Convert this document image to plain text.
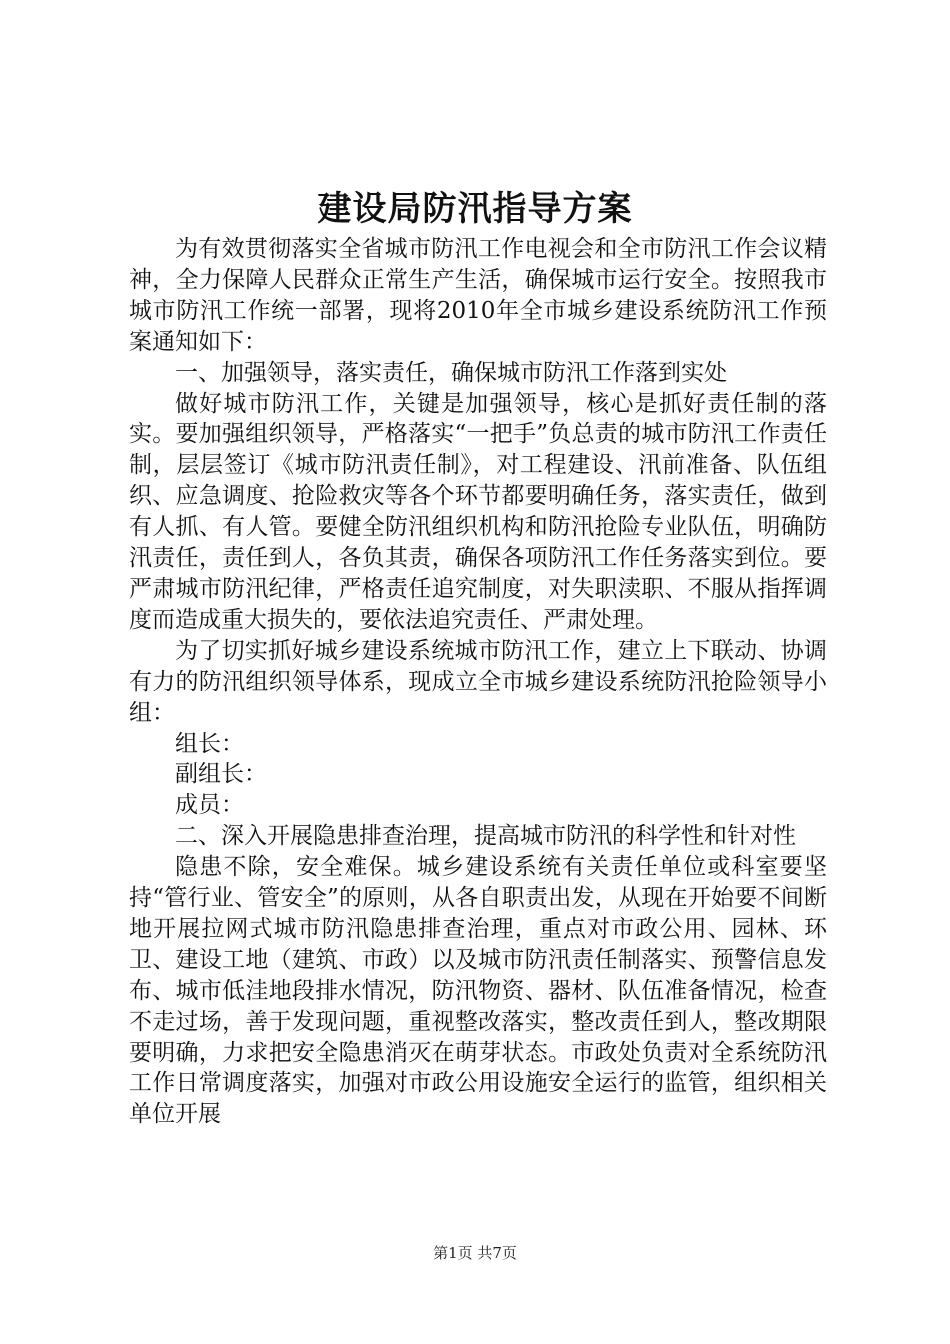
建设局防汛指导方案

为有效贯彻落实全省城市防汛工作电视会和全市防汛工作会议精神，全力保障人民群众正常生产生活，确保城市运行安全。按照我市城市防汛工作统一部署，现将2010年全市城乡建设系统防汛工作预案通知如下：

一、加强领导，落实责任，确保城市防汛工作落到实处

做好城市防汛工作，关键是加强领导，核心是抓好责任制的落实。要加强组织领导，严格落实“一把手”负总责的城市防汛工作责任制，层层签订《城市防汛责任制》，对工程建设、汛前准备、队伍组织、应急调度、抢险救灾等各个环节都要明确任务，落实责任，做到有人抓、有人管。要健全防汛组织机构和防汛抢险专业队伍，明确防汛责任，责任到人，各负其责，确保各项防汛工作任务落实到位。要严肃城市防汛纪律，严格责任追究制度，对失职渎职、不服从指挥调度而造成重大损失的，要依法追究责任、严肃处理。

为了切实抓好城乡建设系统城市防汛工作，建立上下联动、协调有力的防汛组织领导体系，现成立全市城乡建设系统防汛抢险领导小组：

组长：

副组长：

成员：

二、深入开展隐患排查治理，提高城市防汛的科学性和针对性

隐患不除，安全难保。城乡建设系统有关责任单位或科室要坚持“管行业、管安全”的原则，从各自职责出发，从现在开始要不间断地开展拉网式城市防汛隐患排查治理，重点对市政公用、园林、环卫、建设工地（建筑、市政）以及城市防汛责任制落实、预警信息发布、城市低洼地段排水情况，防汛物资、器材、队伍准备情况，检查不走过场，善于发现问题，重视整改落实，整改责任到人，整改期限要明确，力求把安全隐患消灭在萌芽状态。市政处负责对全系统防汛工作日常调度落实，加强对市政公用设施安全运行的监管，组织相关单位开展

第1页 共7页
